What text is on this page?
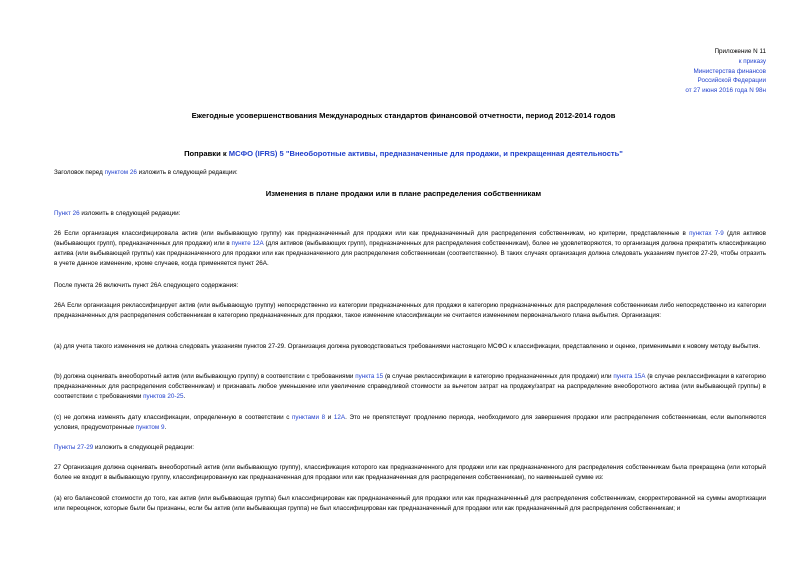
Приложение N 11
к приказу
Министерства финансов
Российской Федерации
от 27 июня 2016 года N 98н
Ежегодные усовершенствования Международных стандартов финансовой отчетности, период 2012-2014 годов
Поправки к МСФО (IFRS) 5 "Внеоборотные активы, предназначенные для продажи, и прекращенная деятельность"
Заголовок перед пунктом 26 изложить в следующей редакции:
Изменения в плане продажи или в плане распределения собственникам
Пункт 26 изложить в следующей редакции:

26 Если организация классифицировала актив (или выбывающую группу) как предназначенный для продажи или как предназначенный для распределения собственникам, но критерии, представленные в пунктах 7-9 (для активов (выбывающих групп), предназначенных для продажи) или в пункте 12А (для активов (выбывающих групп), предназначенных для распределения собственникам), более не удовлетворяются, то организация должна прекратить классификацию актива (или выбывающей группы) как предназначенного для продажи или как предназначенного для распределения собственникам (соответственно). В таких случаях организация должна следовать указаниям пунктов 27-29, чтобы отразить в учете данное изменение, кроме случаев, когда применяется пункт 26А.

После пункта 26 включить пункт 26А следующего содержания:

26А Если организация реклассифицирует актив (или выбывающую группу) непосредственно из категории предназначенных для продажи в категорию предназначенных для распределения собственникам либо непосредственно из категории предназначенных для распределения собственникам в категорию предназначенных для продажи, такое изменение классификации не считается изменением первоначального плана выбытия. Организация:

(а) для учета такого изменения не должна следовать указаниям пунктов 27-29. Организация должна руководствоваться требованиями настоящего МСФО к классификации, представлению и оценке, применимыми к новому методу выбытия.

(b) должна оценивать внеоборотный актив (или выбывающую группу) в соответствии с требованиями пункта 15 (в случае реклассификации в категорию предназначенных для продажи) или пункта 15А (в случае реклассификации в категорию предназначенных для распределения собственникам) и признавать любое уменьшение или увеличение справедливой стоимости за вычетом затрат на продажу/затрат на распределение внеоборотного актива (или выбывающей группы) в соответствии с требованиями пунктов 20-25.

(с) не должна изменять дату классификации, определенную в соответствии с пунктами 8 и 12А. Это не препятствует продлению периода, необходимого для завершения продажи или распределения собственникам, если выполняются условия, предусмотренные пунктом 9.

Пункты 27-29 изложить в следующей редакции:

27 Организация должна оценивать внеоборотный актив (или выбывающую группу), классификация которого как предназначенного для продажи или как предназначенного для распределения собственникам была прекращена (или который более не входит в выбывающую группу, классифицированную как предназначенная для продажи или как предназначенная для распределения собственникам), по наименьшей сумме из:

(а) его балансовой стоимости до того, как актив (или выбывающая группа) был классифицирован как предназначенный для продажи или как предназначенный для распределения собственникам, скорректированной на суммы амортизации или переоценок, которые были бы признаны, если бы актив (или выбывающая группа) не был классифицирован как предназначенный для продажи или как предназначенный для распределения собственникам; и
